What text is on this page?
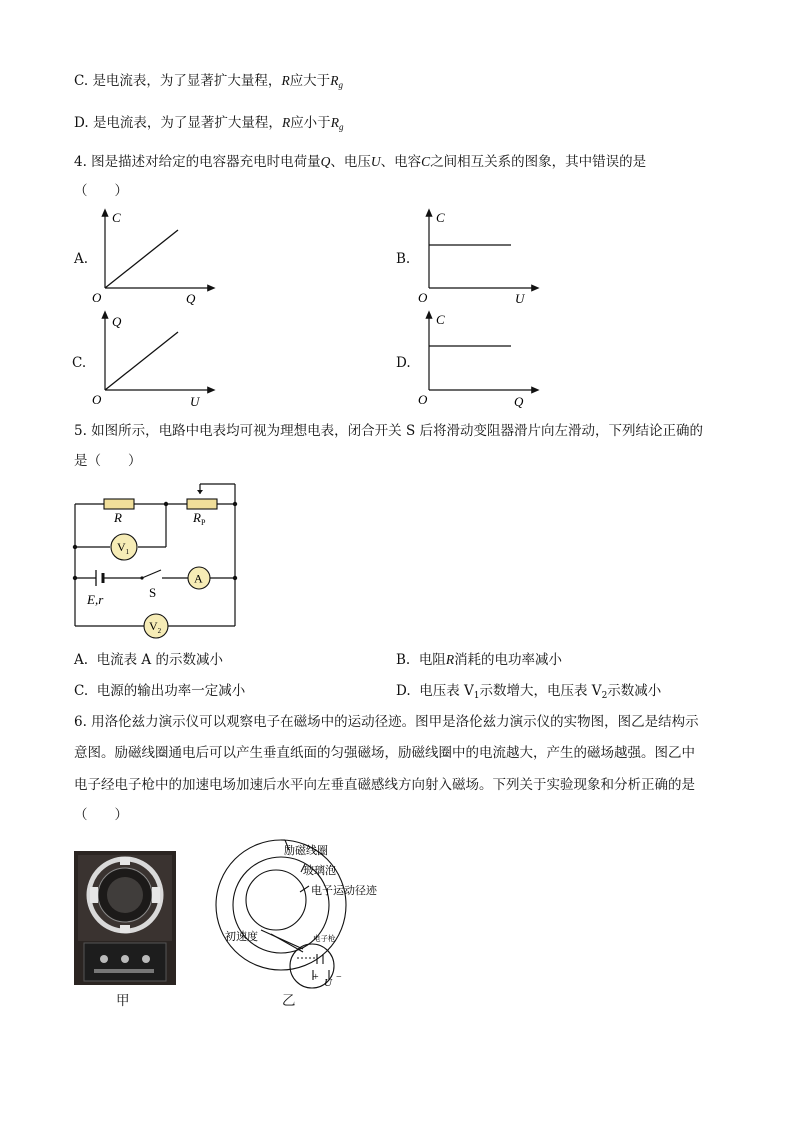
C. 是电流表，为了显著扩大量程，R应大于$R_g$
D. 是电流表，为了显著扩大量程，R应小于$R_g$
4. 图是描述对给定的电容器充电时电荷量Q、电压U、电容C之间相互关系的图象，其中错误的是
（　　）
A.	B.
C.	D.
C
O	Q
C
O	U
Q
O	U
C
O	Q
5. 如图所示，电路中电表均可视为理想电表，闭合开关 S 后将滑动变阻器滑片向左滑动，下列结论正确的
是（　　）
R	$R_P$
$V_1$
E,r	S
A
$V_2$
A. 电流表 A 的示数减小	B. 电阻R消耗的电功率减小
C. 电源的输出功率一定减小	D. 电压表 $V_1$示数增大，电压表 $V_2$示数减小
6. 用洛伦兹力演示仪可以观察电子在磁场中的运动径迹。图甲是洛伦兹力演示仪的实物图，图乙是结构示
意图。励磁线圈通电后可以产生垂直纸面的匀强磁场，励磁线圈中的电流越大，产生的磁场越强。图乙中
电子经电子枪中的加速电场加速后水平向左垂直磁感线方向射入磁场。下列关于实验现象和分析正确的是
（　　）
甲
励磁线圈
玻璃泡
电子运动径迹
初速度	电子枪
+ −
U
乙
